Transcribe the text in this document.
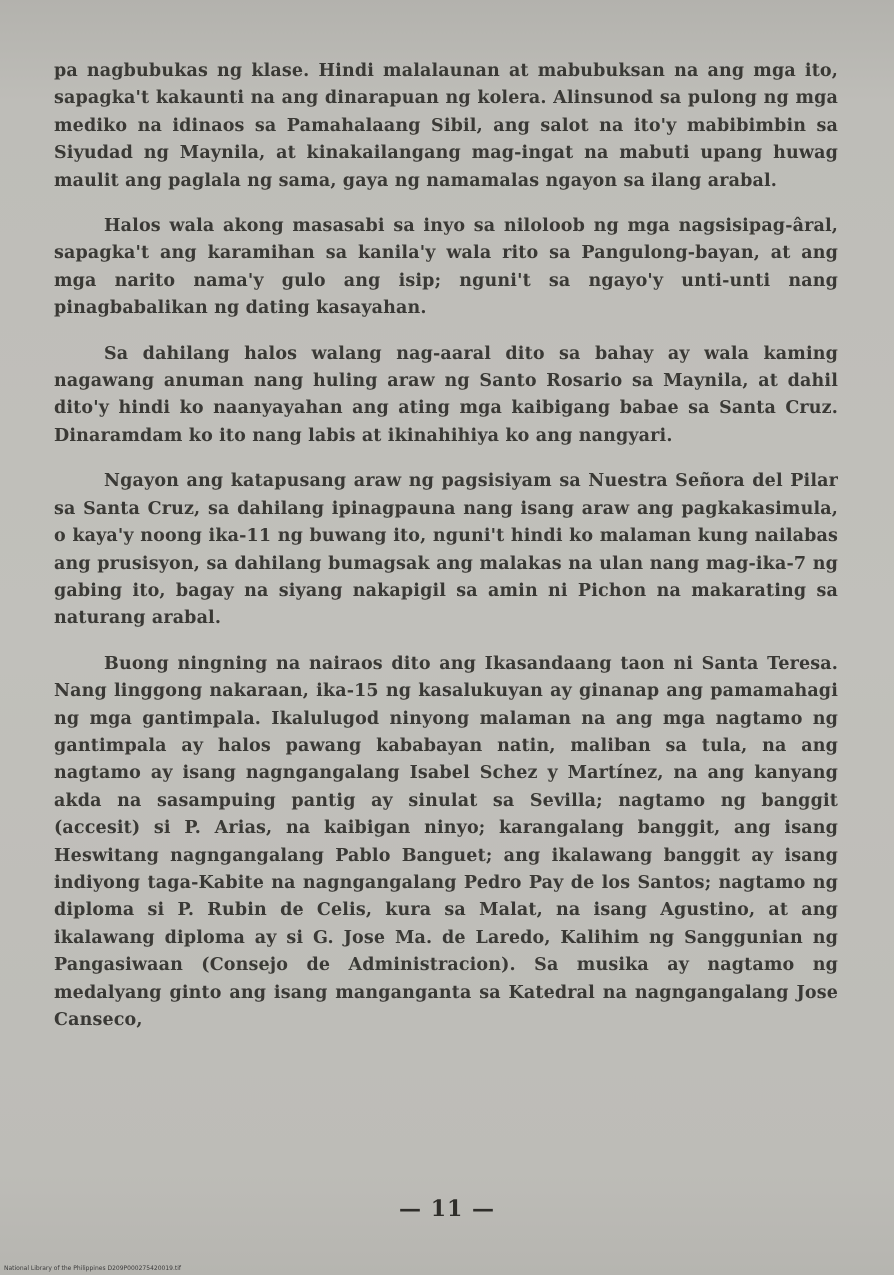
pa nagbubukas ng klase. Hindi malalaunan at mabubuksan na ang mga ito, sapagka't kakaunti na ang dinarapuan ng kolera. Alinsunod sa pulong ng mga mediko na idinaos sa Pamahalaang Sibil, ang salot na ito'y mabibimbin sa Siyudad ng Maynila, at kinakailangang mag-ingat na mabuti upang huwag maulit ang paglala ng sama, gaya ng namamalas ngayon sa ilang arabal.

Halos wala akong masasabi sa inyo sa niloloob ng mga nagsisipag-âral, sapagka't ang karamihan sa kanila'y wala rito sa Pangulong-bayan, at ang mga narito nama'y gulo ang isip; nguni't sa ngayo'y unti-unti nang pinagbabalikan ng dating kasayahan.

Sa dahilang halos walang nag-aaral dito sa bahay ay wala kaming nagawang anuman nang huling araw ng Santo Rosario sa Maynila, at dahil dito'y hindi ko naanyayahan ang ating mga kaibigang babae sa Santa Cruz. Dinaramdam ko ito nang labis at ikinahihiya ko ang nangyari.

Ngayon ang katapusang araw ng pagsisiyam sa Nuestra Señora del Pilar sa Santa Cruz, sa dahilang ipinagpauna nang isang araw ang pagkakasimula, o kaya'y noong ika-11 ng buwang ito, nguni't hindi ko malaman kung nailabas ang prusisyon, sa dahilang bumagsak ang malakas na ulan nang mag-ika-7 ng gabing ito, bagay na siyang nakapigil sa amin ni Pichon na makarating sa naturang arabal.

Buong ningning na nairaos dito ang Ikasandaang taon ni Santa Teresa. Nang linggong nakaraan, ika-15 ng kasalukuyan ay ginanap ang pamamahagi ng mga gantimpala. Ikalulugod ninyong malaman na ang mga nagtamo ng gantimpala ay halos pawang kababayan natin, maliban sa tula, na ang nagtamo ay isang nagngangalang Isabel Schez y Martínez, na ang kanyang akda na sasampuing pantig ay sinulat sa Sevilla; nagtamo ng banggit (accesit) si P. Arias, na kaibigan ninyo; karangalang banggit, ang isang Heswitang nagngangalang Pablo Banguet; ang ikalawang banggit ay isang indiyong taga-Kabite na nagngangalang Pedro Pay de los Santos; nagtamo ng diploma si P. Rubin de Celis, kura sa Malat, na isang Agustino, at ang ikalawang diploma ay si G. Jose Ma. de Laredo, Kalihim ng Sanggunian ng Pangasiwaan (Consejo de Administracion). Sa musika ay nagtamo ng medalyang ginto ang isang manganganta sa Katedral na nagngangalang Jose Canseco,

— 11 —
National Library of the Philippines D209P000275420019.tif
